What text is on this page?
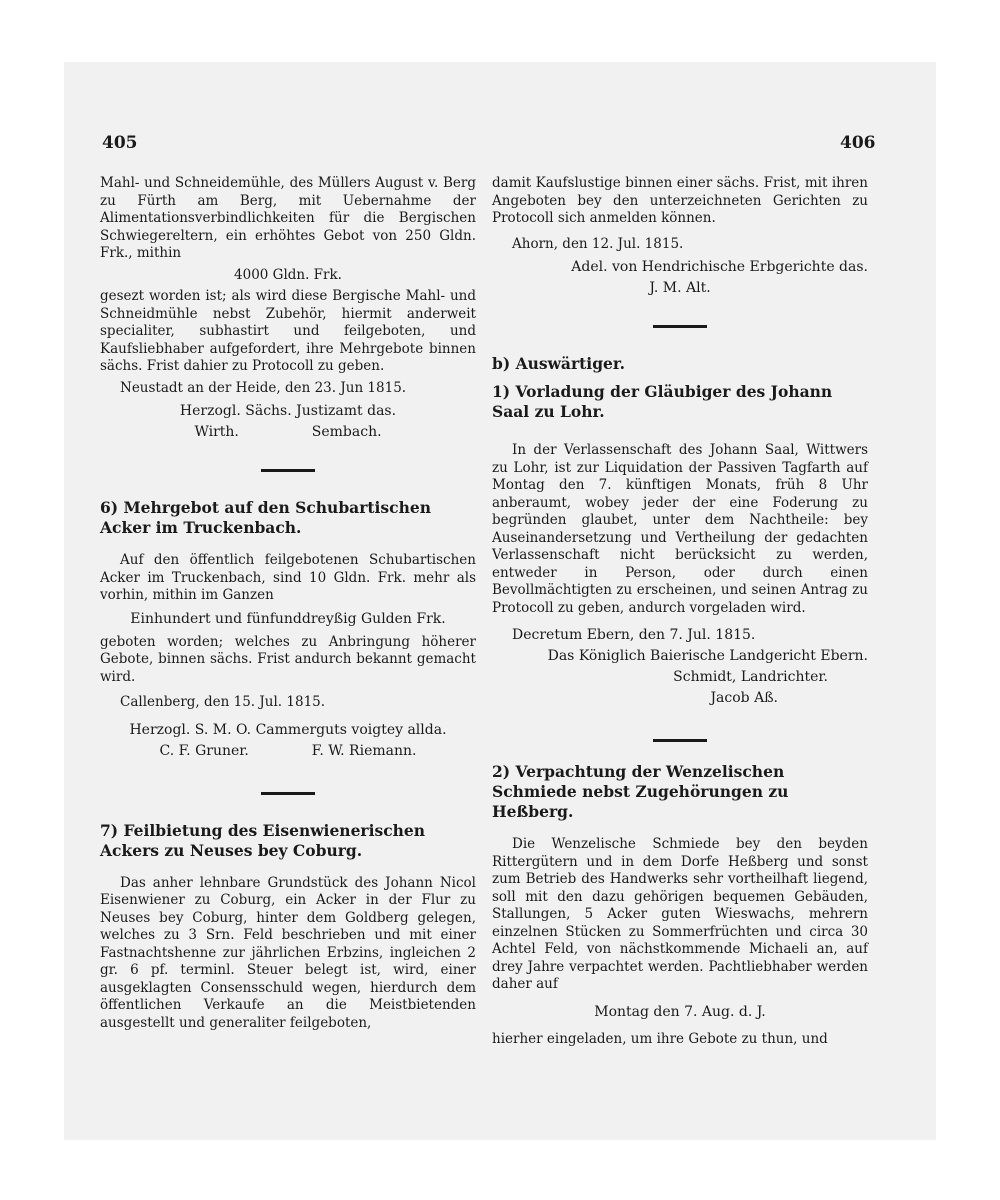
405	406

Mahl- und Schneidemühle, des Müllers August v. Berg zu Fürth am Berg, mit Uebernahme der Alimentationsverbindlichkeiten für die Bergischen Schwiegereltern, ein erhöhtes Gebot von 250 Gldn. Frk., mithin

4000 Gldn. Frk.

gesezt worden ist; als wird diese Bergische Mahl- und Schneidmühle nebst Zubehör, hiermit anderweit specialiter, subhastirt und feilgeboten, und Kaufsliebhaber aufgefordert, ihre Mehrgebote binnen sächs. Frist dahier zu Protocoll zu geben.

Neustadt an der Heide, den 23. Jun 1815.

Herzogl. Sächs. Justizamt das.

Wirth.	Sembach.

6) Mehrgebot auf den Schubartischen Acker im Truckenbach.

Auf den öffentlich feilgebotenen Schubartischen Acker im Truckenbach, sind 10 Gldn. Frk. mehr als vorhin, mithin im Ganzen

Einhundert und fünfunddreyßig Gulden Frk.

geboten worden; welches zu Anbringung höherer Gebote, binnen sächs. Frist andurch bekannt gemacht wird.

Callenberg, den 15. Jul. 1815.

Herzogl. S. M. O. Cammerguts voigtey allda.

C. F. Gruner.	F. W. Riemann.

7) Feilbietung des Eisenwienerischen Ackers zu Neuses bey Coburg.

Das anher lehnbare Grundstück des Johann Nicol Eisenwiener zu Coburg, ein Acker in der Flur zu Neuses bey Coburg, hinter dem Goldberg gelegen, welches zu 3 Srn. Feld beschrieben und mit einer Fastnachtshenne zur jährlichen Erbzins, ingleichen 2 gr. 6 pf. terminl. Steuer belegt ist, wird, einer ausgeklagten Consensschuld wegen, hierdurch dem öffentlichen Verkaufe an die Meistbietenden ausgestellt und generaliter feilgeboten,

damit Kaufslustige binnen einer sächs. Frist, mit ihren Angeboten bey den unterzeichneten Gerichten zu Protocoll sich anmelden können.

Ahorn, den 12. Jul. 1815.

Adel. von Hendrichische Erbgerichte das.

J. M. Alt.

b) Auswärtiger.

1) Vorladung der Gläubiger des Johann Saal zu Lohr.

In der Verlassenschaft des Johann Saal, Wittwers zu Lohr, ist zur Liquidation der Passiven Tagfarth auf Montag den 7. künftigen Monats, früh 8 Uhr anberaumt, wobey jeder der eine Foderung zu begründen glaubet, unter dem Nachtheile: bey Auseinandersetzung und Vertheilung der gedachten Verlassenschaft nicht berücksicht zu werden, entweder in Person, oder durch einen Bevollmächtigten zu erscheinen, und seinen Antrag zu Protocoll zu geben, andurch vorgeladen wird.

Decretum Ebern, den 7. Jul. 1815.

Das Königlich Baierische Landgericht Ebern.

Schmidt, Landrichter.

Jacob Aß.

2) Verpachtung der Wenzelischen Schmiede nebst Zugehörungen zu Heßberg.

Die Wenzelische Schmiede bey den beyden Rittergütern und in dem Dorfe Heßberg und sonst zum Betrieb des Handwerks sehr vortheilhaft liegend, soll mit den dazu gehörigen bequemen Gebäuden, Stallungen, 5 Acker guten Wieswachs, mehrern einzelnen Stücken zu Sommerfrüchten und circa 30 Achtel Feld, von nächstkommende Michaeli an, auf drey Jahre verpachtet werden. Pachtliebhaber werden daher auf

Montag den 7. Aug. d. J.

hierher eingeladen, um ihre Gebote zu thun, und
